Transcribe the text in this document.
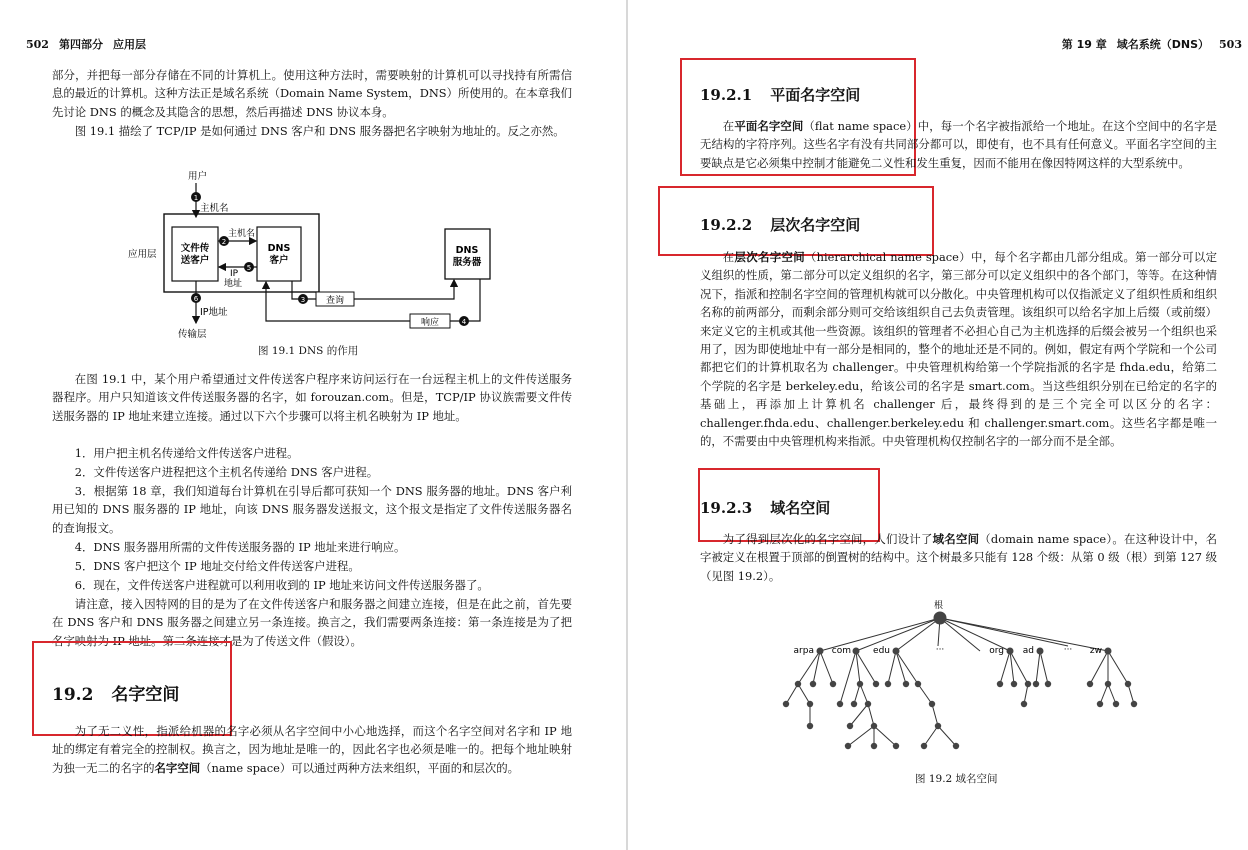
502 第四部分 应用层

部分，并把每一部分存储在不同的计算机上。使用这种方法时，需要映射的计算机可以寻找持有所需信息的最近的计算机。这种方法正是域名系统（Domain Name System，DNS）所使用的。在本章我们先讨论 DNS 的概念及其隐含的思想，然后再描述 DNS 协议本身。

图 19.1 描绘了 TCP/IP 是如何通过 DNS 客户和 DNS 服务器把名字映射为地址的。反之亦然。

用户
1
主机名
应用层
文件传
送客户
DNS
客户
2
主机名
5
IP
地址
DNS
服务器
3 查询
4
响应
6
IP地址
传输层
图 19.1 DNS 的作用

在图 19.1 中，某个用户希望通过文件传送客户程序来访问运行在一台远程主机上的文件传送服务器程序。用户只知道该文件传送服务器的名字，如 forouzan.com。但是，TCP/IP 协议族需要文件传送服务器的 IP 地址来建立连接。通过以下六个步骤可以将主机名映射为 IP 地址。

1．用户把主机名传递给文件传送客户进程。

2．文件传送客户进程把这个主机名传递给 DNS 客户进程。

3．根据第 18 章，我们知道每台计算机在引导后都可获知一个 DNS 服务器的地址。DNS 客户利用已知的 DNS 服务器的 IP 地址，向该 DNS 服务器发送报文，这个报文是指定了文件传送服务器名的查询报文。

4．DNS 服务器用所需的文件传送服务器的 IP 地址来进行响应。

5．DNS 客户把这个 IP 地址交付给文件传送客户进程。

6．现在，文件传送客户进程就可以利用收到的 IP 地址来访问文件传送服务器了。

请注意，接入因特网的目的是为了在文件传送客户和服务器之间建立连接，但是在此之前，首先要在 DNS 客户和 DNS 服务器之间建立另一条连接。换言之，我们需要两条连接：第一条连接是为了把名字映射为 IP 地址。第二条连接才是为了传送文件（假设）。

19.2 名字空间

为了无二义性，指派给机器的名字必须从名字空间中小心地选择，而这个名字空间对名字和 IP 地址的绑定有着完全的控制权。换言之，因为地址是唯一的，因此名字也必须是唯一的。把每个地址映射为独一无二的名字的名字空间（name space）可以通过两种方法来组织，平面的和层次的。

第 19 章 域名系统（DNS） 503
19.2.1 平面名字空间

在平面名字空间（flat name space）中，每一个名字被指派给一个地址。在这个空间中的名字是无结构的字符序列。这些名字有没有共同部分都可以，即使有，也不具有任何意义。平面名字空间的主要缺点是它必须集中控制才能避免二义性和发生重复，因而不能用在像因特网这样的大型系统中。

19.2.2 层次名字空间

在层次名字空间（hierarchical name space）中，每个名字都由几部分组成。第一部分可以定义组织的性质，第二部分可以定义组织的名字，第三部分可以定义组织中的各个部门，等等。在这种情况下，指派和控制名字空间的管理机构就可以分散化。中央管理机构可以仅指派定义了组织性质和组织名称的前两部分，而剩余部分则可交给该组织自己去负责管理。该组织可以给名字加上后缀（或前缀）来定义它的主机或其他一些资源。该组织的管理者不必担心自己为主机选择的后缀会被另一个组织也采用了，因为即使地址中有一部分是相同的，整个的地址还是不同的。例如，假定有两个学院和一个公司都把它们的计算机取名为 challenger。中央管理机构给第一个学院指派的名字是 fhda.edu，给第二个学院的名字是 berkeley.edu，给该公司的名字是 smart.com。当这些组织分别在已给定的名字的基础上，再添加上计算机名 challenger 后，最终得到的是三个完全可以区分的名字：challenger.fhda.edu、challenger.berkeley.edu 和 challenger.smart.com。这些名字都是唯一的，不需要由中央管理机构来指派。中央管理机构仅控制名字的一部分而不是全部。

19.2.3 域名空间

为了得到层次化的名字空间，人们设计了域名空间（domain name space）。在这种设计中，名字被定义在根置于顶部的倒置树的结构中。这个树最多只能有 128 个级：从第 0 级（根）到第 127 级（见图 19.2）。

根
arpa com edu	···	org ad	··· zw
图 19.2 域名空间
